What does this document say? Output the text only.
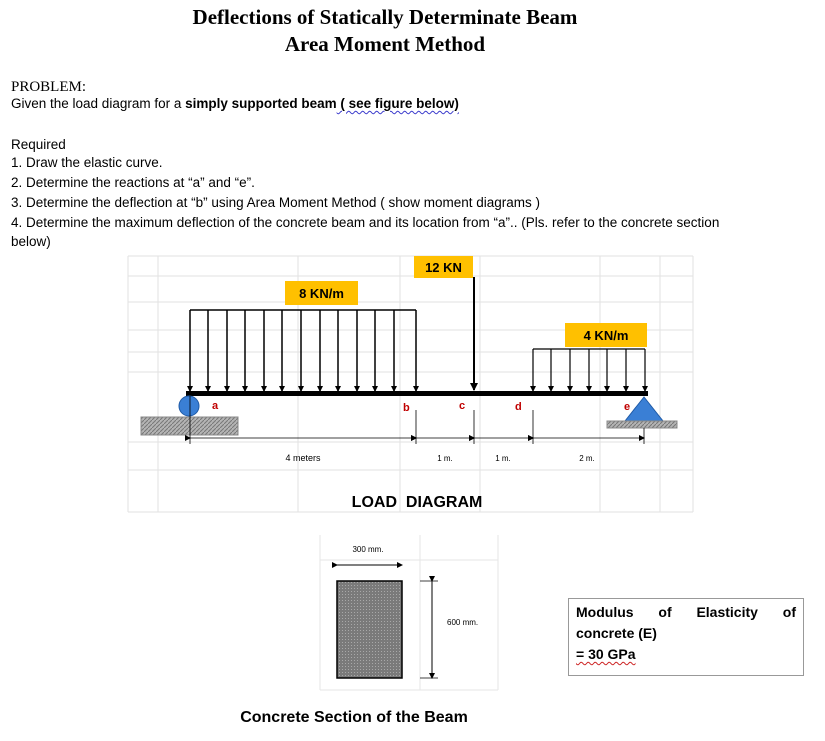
Deflections of Statically Determinate Beam
Area Moment Method
PROBLEM:
Given the load diagram for a simply supported beam ( see figure below)
Required
1. Draw the elastic curve.
2. Determine the reactions at “a” and “e”.
3. Determine the deflection at “b” using Area Moment Method ( show moment diagrams )
4. Determine the maximum deflection of the concrete beam and its location from “a”.. (Pls. refer to the concrete section
below)
12 KN
8 KN/m
4 KN/m
a	b	c	d	e
4 meters	1 m.	1 m.	2 m.
LOAD  DIAGRAM
300 mm.
600 mm.
Concrete Section of the Beam
Modulus of Elasticity of
concrete (E)
= 30 GPa
